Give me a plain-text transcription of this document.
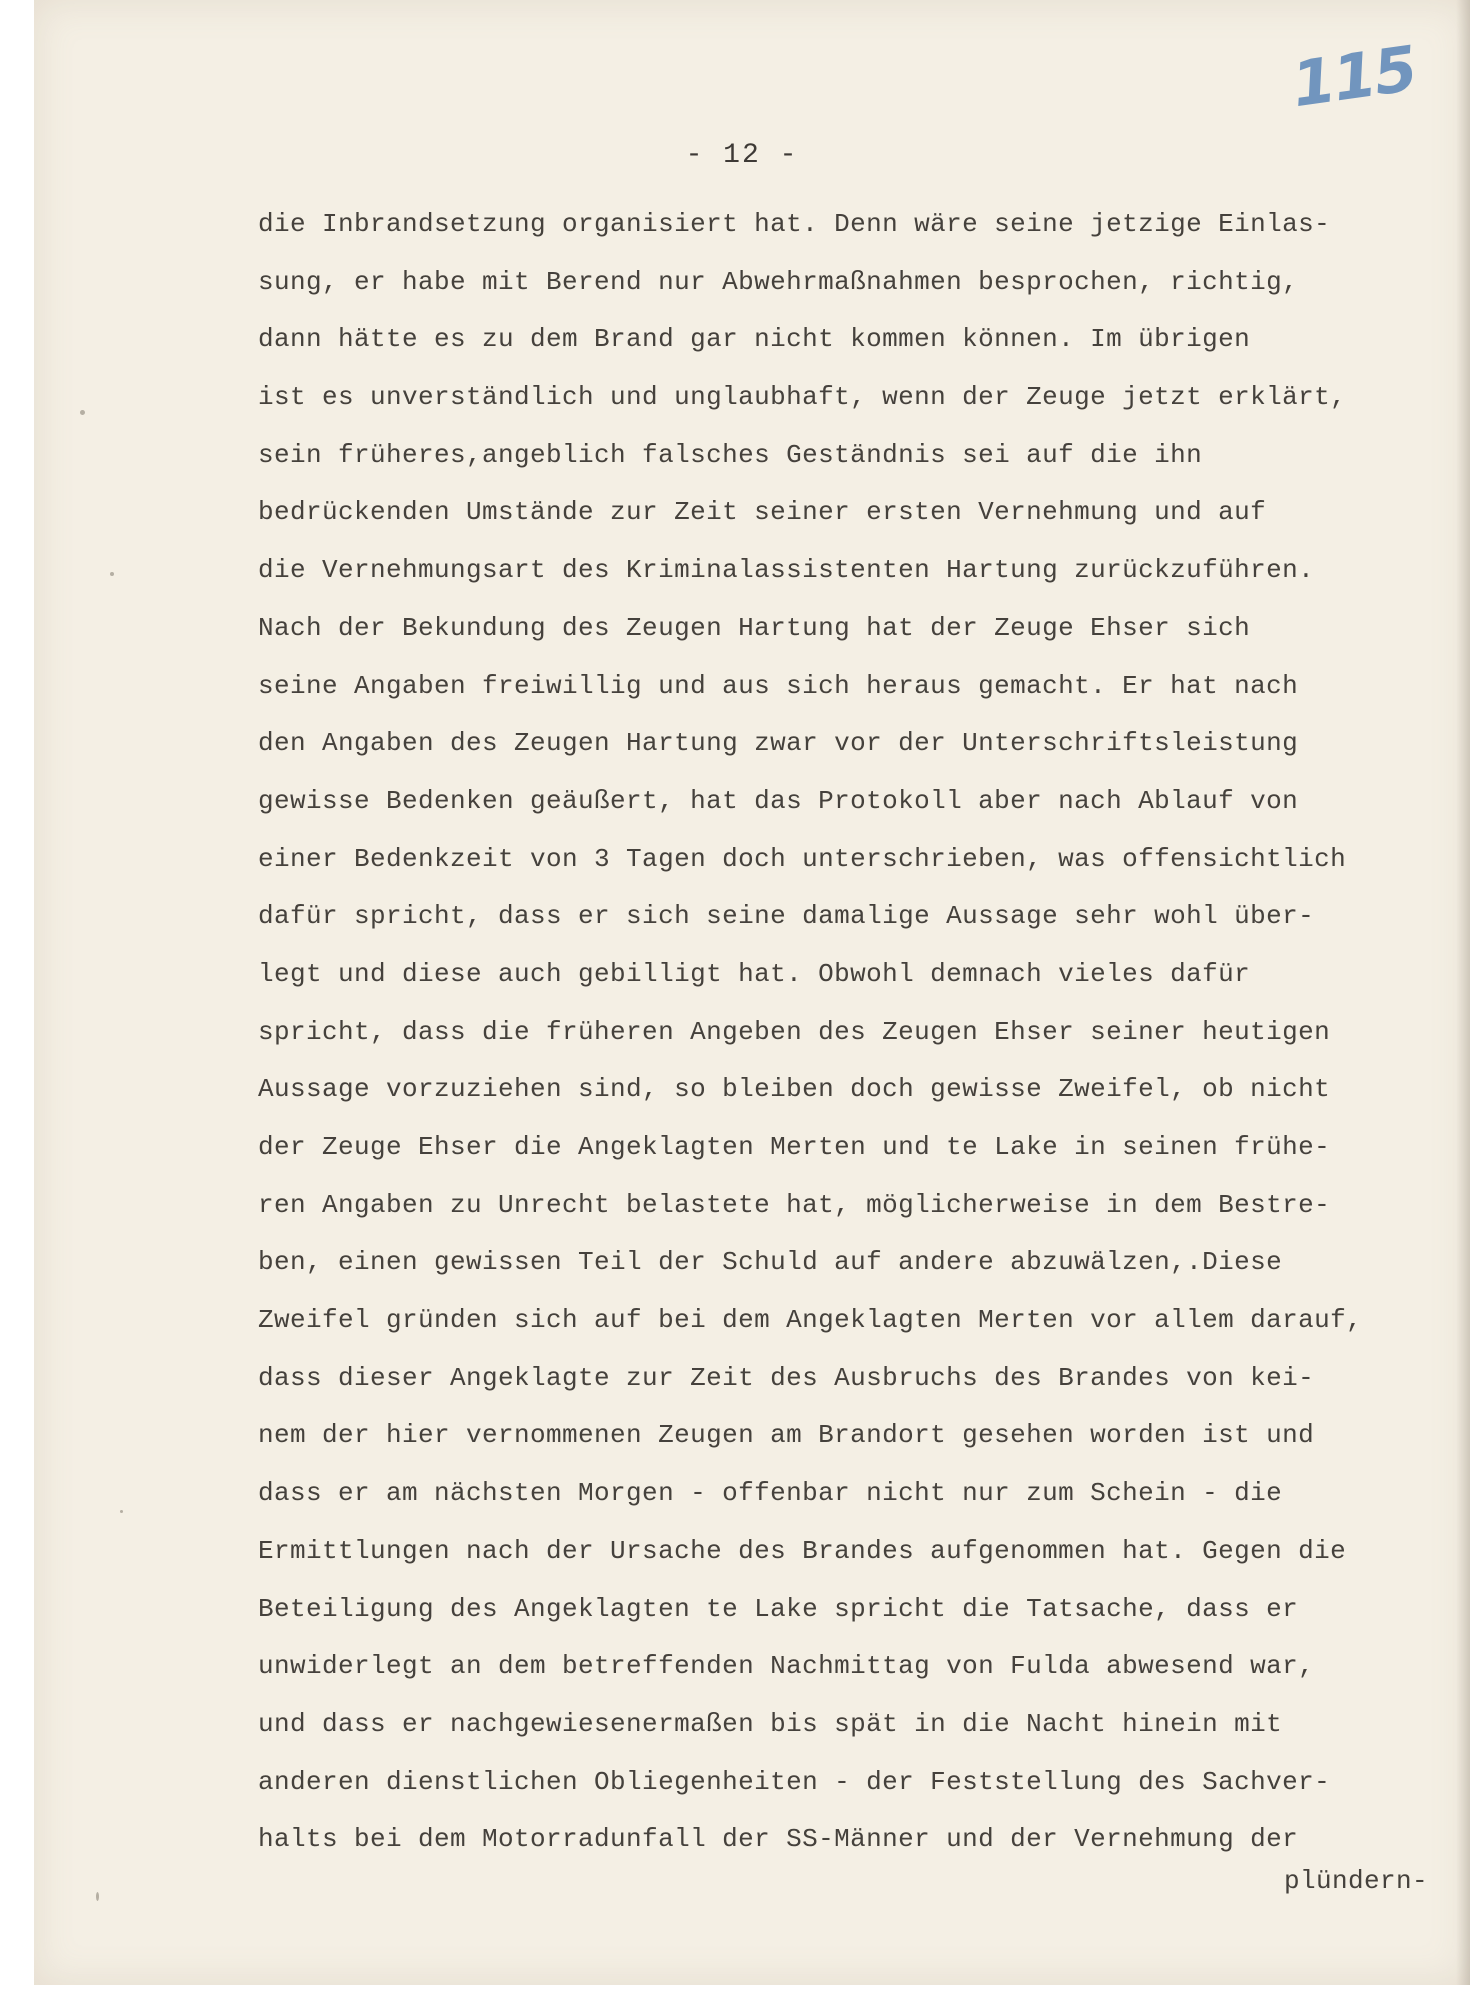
115
- 12 -
die Inbrandsetzung organisiert hat. Denn wäre seine jetzige Einlas-
sung, er habe mit Berend nur Abwehrmaßnahmen besprochen, richtig,
dann hätte es zu dem Brand gar nicht kommen können. Im übrigen
ist es unverständlich und unglaubhaft, wenn der Zeuge jetzt erklärt,
sein früheres,angeblich falsches Geständnis sei auf die ihn
bedrückenden Umstände zur Zeit seiner ersten Vernehmung und auf
die Vernehmungsart des Kriminalassistenten Hartung zurückzuführen.
Nach der Bekundung des Zeugen Hartung hat der Zeuge Ehser sich
seine Angaben freiwillig und aus sich heraus gemacht. Er hat nach
den Angaben des Zeugen Hartung zwar vor der Unterschriftsleistung
gewisse Bedenken geäußert, hat das Protokoll aber nach Ablauf von
einer Bedenkzeit von 3 Tagen doch unterschrieben, was offensichtlich
dafür spricht, dass er sich seine damalige Aussage sehr wohl über-
legt und diese auch gebilligt hat. Obwohl demnach vieles dafür
spricht, dass die früheren Angeben des Zeugen Ehser seiner heutigen
Aussage vorzuziehen sind, so bleiben doch gewisse Zweifel, ob nicht
der Zeuge Ehser die Angeklagten Merten und te Lake in seinen frühe-
ren Angaben zu Unrecht belastete hat, möglicherweise in dem Bestre-
ben, einen gewissen Teil der Schuld auf andere abzuwälzen,.Diese
Zweifel gründen sich auf bei dem Angeklagten Merten vor allem darauf,
dass dieser Angeklagte zur Zeit des Ausbruchs des Brandes von kei-
nem der hier vernommenen Zeugen am Brandort gesehen worden ist und
dass er am nächsten Morgen - offenbar nicht nur zum Schein - die
Ermittlungen nach der Ursache des Brandes aufgenommen hat. Gegen die
Beteiligung des Angeklagten te Lake spricht die Tatsache, dass er
unwiderlegt an dem betreffenden Nachmittag von Fulda abwesend war,
und dass er nachgewiesenermaßen bis spät in die Nacht hinein mit
anderen dienstlichen Obliegenheiten - der Feststellung des Sachver-
halts bei dem Motorradunfall der SS-Männer und der Vernehmung der
plündern-
